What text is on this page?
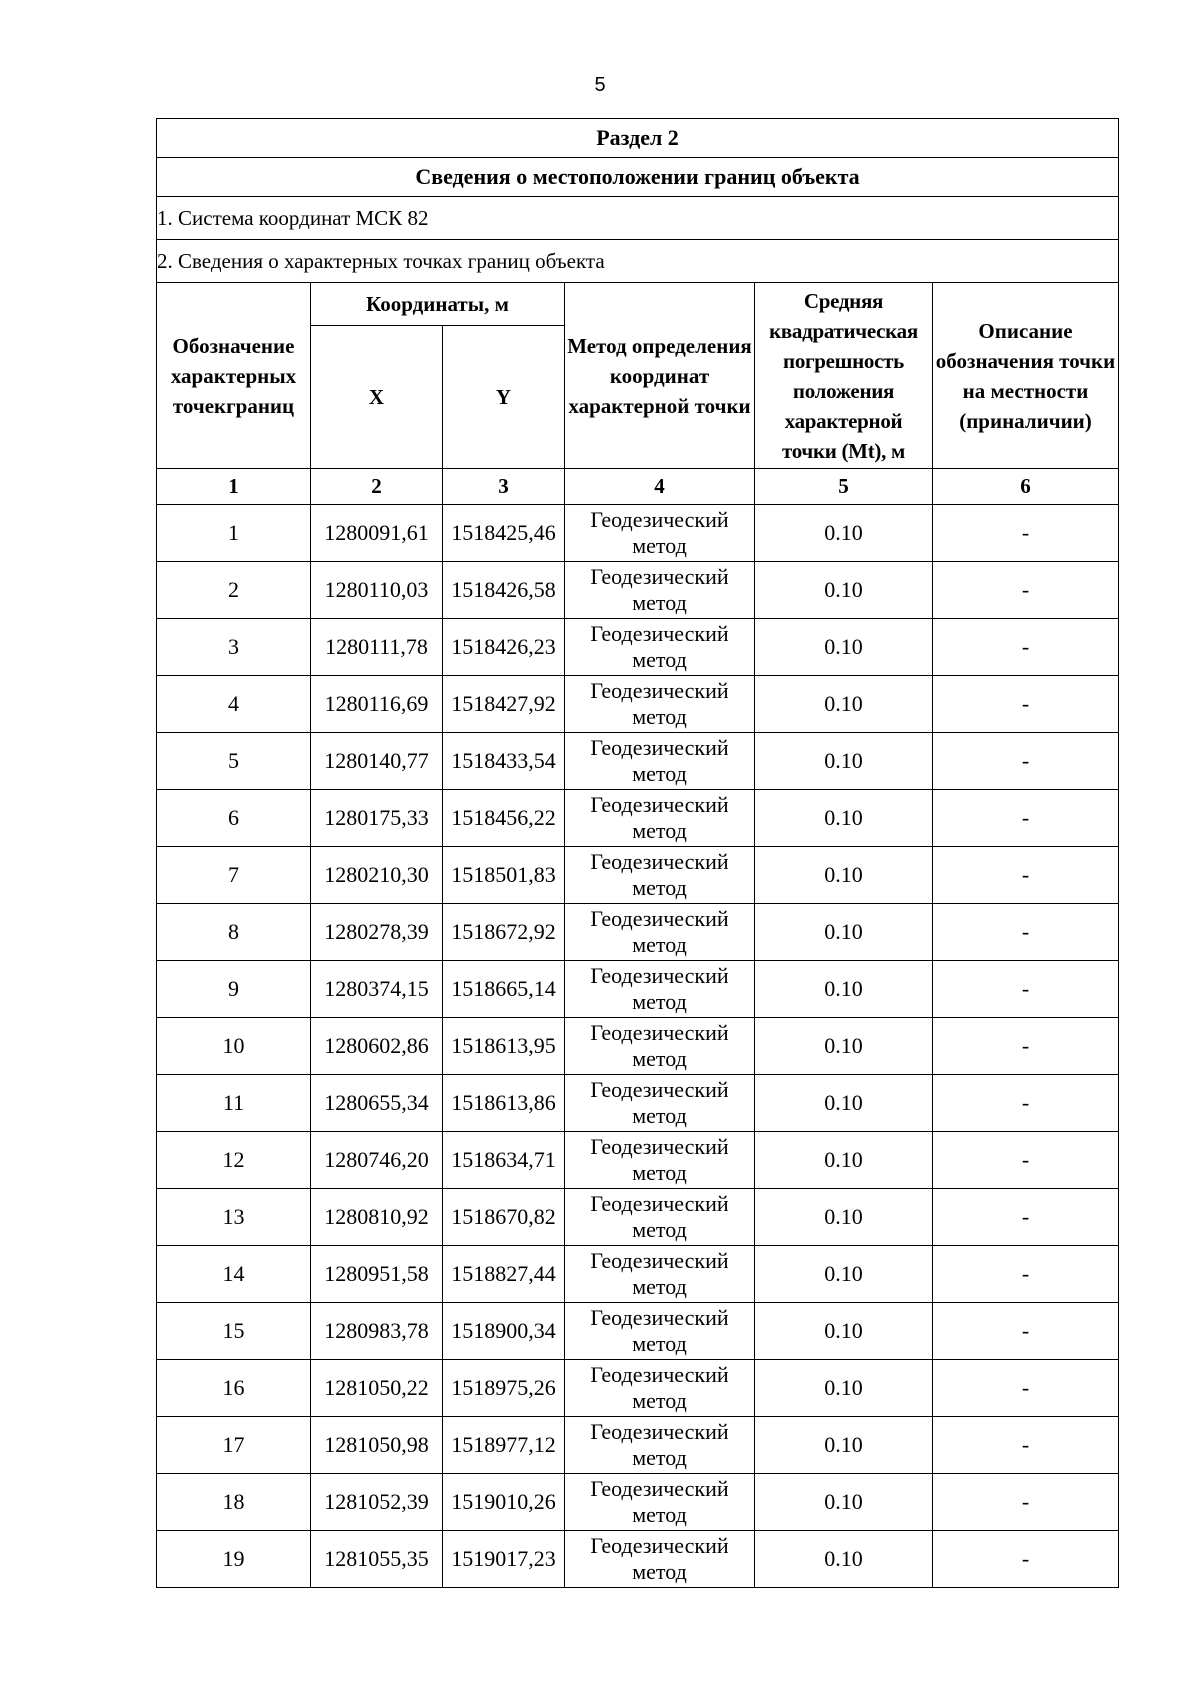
5
Раздел 2					
Сведения о местоположении границ объекта					
1. Система координат МСК 82					
2. Сведения о характерных точках границ объекта					
Обозначение характерных точекграниц	Координаты, м		Метод определения координат характерной точки	Средняя квадратическая погрешность положения характерной точки (Mt), м	Описание обозначения точки на местности (приналичии)
	X	Y			
1	2	3	4	5	6
1	1280091,61	1518425,46	Геодезический метод	0.10	-
2	1280110,03	1518426,58	Геодезический метод	0.10	-
3	1280111,78	1518426,23	Геодезический метод	0.10	-
4	1280116,69	1518427,92	Геодезический метод	0.10	-
5	1280140,77	1518433,54	Геодезический метод	0.10	-
6	1280175,33	1518456,22	Геодезический метод	0.10	-
7	1280210,30	1518501,83	Геодезический метод	0.10	-
8	1280278,39	1518672,92	Геодезический метод	0.10	-
9	1280374,15	1518665,14	Геодезический метод	0.10	-
10	1280602,86	1518613,95	Геодезический метод	0.10	-
11	1280655,34	1518613,86	Геодезический метод	0.10	-
12	1280746,20	1518634,71	Геодезический метод	0.10	-
13	1280810,92	1518670,82	Геодезический метод	0.10	-
14	1280951,58	1518827,44	Геодезический метод	0.10	-
15	1280983,78	1518900,34	Геодезический метод	0.10	-
16	1281050,22	1518975,26	Геодезический метод	0.10	-
17	1281050,98	1518977,12	Геодезический метод	0.10	-
18	1281052,39	1519010,26	Геодезический метод	0.10	-
19	1281055,35	1519017,23	Геодезический метод	0.10	-
